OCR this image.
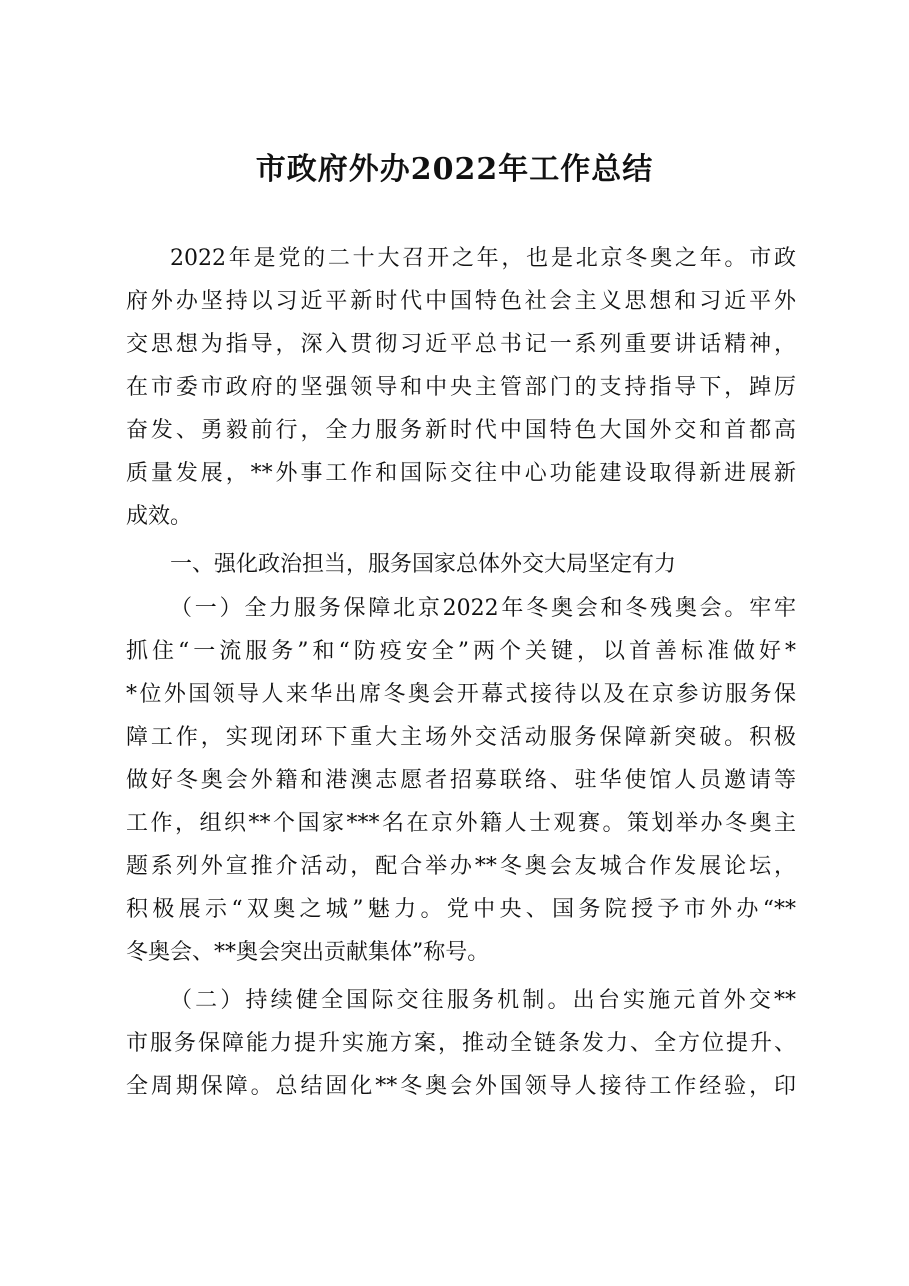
市政府外办2022年工作总结
2022年是党的二十大召开之年，也是北京冬奥之年。市政
府外办坚持以习近平新时代中国特色社会主义思想和习近平外
交思想为指导，深入贯彻习近平总书记一系列重要讲话精神，
在市委市政府的坚强领导和中央主管部门的支持指导下，踔厉
奋发、勇毅前行，全力服务新时代中国特色大国外交和首都高
质量发展，**外事工作和国际交往中心功能建设取得新进展新
成效。
一、强化政治担当，服务国家总体外交大局坚定有力
（一）全力服务保障北京2022年冬奥会和冬残奥会。牢牢
抓住“一流服务”和“防疫安全”两个关键，以首善标准做好*
*位外国领导人来华出席冬奥会开幕式接待以及在京参访服务保
障工作，实现闭环下重大主场外交活动服务保障新突破。积极
做好冬奥会外籍和港澳志愿者招募联络、驻华使馆人员邀请等
工作，组织**个国家***名在京外籍人士观赛。策划举办冬奥主
题系列外宣推介活动，配合举办**冬奥会友城合作发展论坛，
积极展示“双奥之城”魅力。党中央、国务院授予市外办“**
冬奥会、**奥会突出贡献集体”称号。
（二）持续健全国际交往服务机制。出台实施元首外交**
市服务保障能力提升实施方案，推动全链条发力、全方位提升、
全周期保障。总结固化**冬奥会外国领导人接待工作经验，印
